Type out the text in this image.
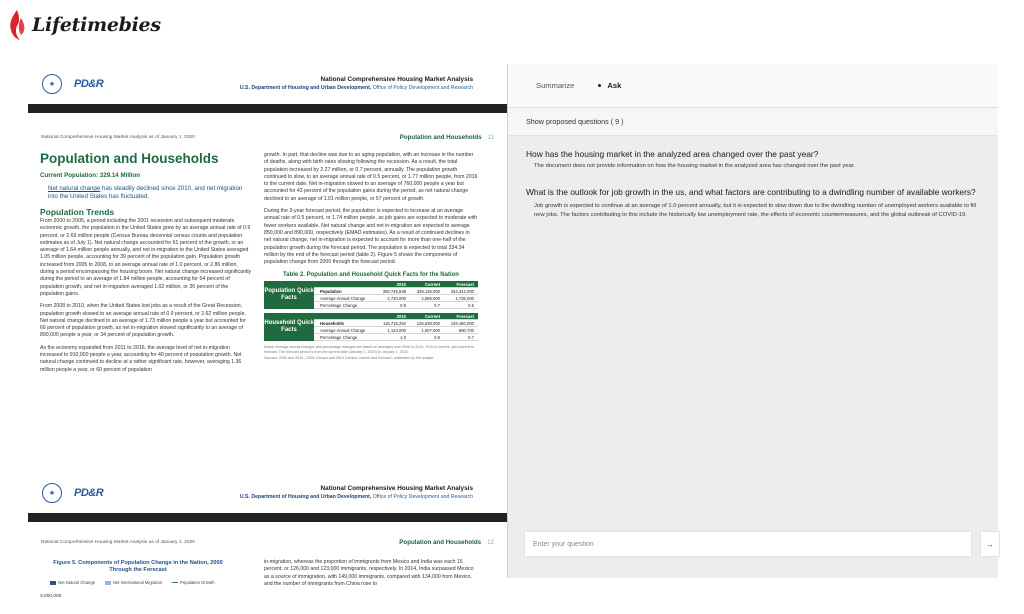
Lifetimebies
★	PD&R	National Comprehensive Housing Market Analysis
U.S. Department of Housing and Urban Development, Office of Policy Development and Research
National Comprehensive Housing Market Analysis as of January 1, 2020	Population and Households 11
Population and Households
Current Population: 329.14 Million
Net natural change has steadily declined since 2010, and net migration into the United States has fluctuated.
Population Trends

From 2000 to 2005, a period including the 2001 recession and subsequent moderate economic growth, the population in the United States grew by an average annual rate of 0.9 percent, or 2.69 million people (Census Bureau decennial census counts and population estimates as of July 1). Net natural change accounted for 61 percent of the growth, or an average of 1.64 million people annually, and net in-migration to the United States averaged 1.05 million people, accounting for 39 percent of the population gain. Population growth increased from 2005 to 2008, to an average annual rate of 1.0 percent, or 2.86 million, during a period encompassing the housing boom. Net natural change increased significantly during the period to an average of 1.84 million people, accounting for 64 percent of population growth, and net in-migration averaged 1.02 million, or 36 percent of the population gains.

From 2008 to 2010, when the United States lost jobs as a result of the Great Recession, population growth slowed to an average annual rate of 0.9 percent, or 2.62 million people. Net natural change declined to an average of 1.73 million people a year but accounted for 66 percent of population growth, as net in-migration slowed significantly to an average of 890,000 people a year, or 34 percent of population growth.

As the economy expanded from 2011 to 2016, the average level of net in-migration increased to 910,000 people a year, accounting for 40 percent of population growth. Net natural change continued to decline at a rather significant rate, however, averaging 1.36 million people a year, or 60 percent of population

growth. In part, that decline was due to an aging population, with an increase in the number of deaths, along with birth rates slowing following the recession. As a result, the total population increased by 2.27 million, or 0.7 percent, annually. The population growth continued to slow, to an average annual rate of 0.5 percent, or 1.77 million people, from 2016 to the current date. Net in-migration slowed to an average of 760,000 people a year but accounted for 43 percent of the population gains during the period, as net natural change declined to an average of 1.01 million people, or 57 percent of growth.

During the 3-year forecast period, the population is expected to increase at an average annual rate of 0.5 percent, or 1.74 million people, as job gains are expected to moderate with fewer workers available. Net natural change and net in-migration are expected to average 850,000 and 890,000, respectively (EMAD estimates). As a result of continued declines in net natural change, net in-migration is expected to account for more than one-half of the population growth during the forecast period. The population is expected to total 334.34 million by the end of the forecast period (table 2). Figure 5 shows the components of population change from 2000 through the forecast period.

Table 2. Population and Household Quick Facts for the Nation
Population Quick Facts
2010	Current	Forecast
Population	308,745,538	329,135,000	334,342,000
Average Annual Change	2,720,000	2,085,000	1,736,000
Percentage Change	0.9	0.7	0.5
Household Quick Facts
2010	Current	Forecast
Households	116,716,292	126,538,000	129,180,000
Average Annual Change	1,124,000	1,007,000	880,700
Percentage Change	1.0	0.8	0.7
Notes: Average annual changes and percentage changes are based on averages from 2000 to 2010, 2010 to current, and current to forecast. The forecast period is from the current date (January 1, 2020) to January 1, 2023.
Sources: 2000 and 2010—2000 Census and 2010 Census; current and forecast—estimates by the analyst
★	PD&R	National Comprehensive Housing Market Analysis
U.S. Department of Housing and Urban Development, Office of Policy Development and Research
National Comprehensive Housing Market Analysis as of January 1, 2020	Population and Households 12
Figure 5. Components of Population Change in the Nation, 2000 Through the Forecast
Net Natural Change	Net International Migration	Population Growth
3,000,000

in-migration, whereas the proportion of immigrants from Mexico and India was each 15 percent, or 126,000 and 123,000 immigrants, respectively. In 2014, India surpassed Mexico as a source of immigration, with 149,000 immigrants, compared with 134,000 from Mexico, and the number of immigrants from China rose to

Summarize	Ask
Show proposed questions ( 9 )
How has the housing market in the analyzed area changed over the past year?
The document does not provide information on how the housing market in the analyzed area has changed over the past year.
What is the outlook for job growth in the us, and what factors are contributing to a dwindling number of available workers?
Job growth is expected to continue at an average of 1.0 percent annually, but it is expected to slow down due to the dwindling number of unemployed workers available to fill new jobs. The factors contributing to this include the historically low unemployment rate, the effects of economic countermeasures, and the global outbreak of COVID-19.
Enter your question
→
